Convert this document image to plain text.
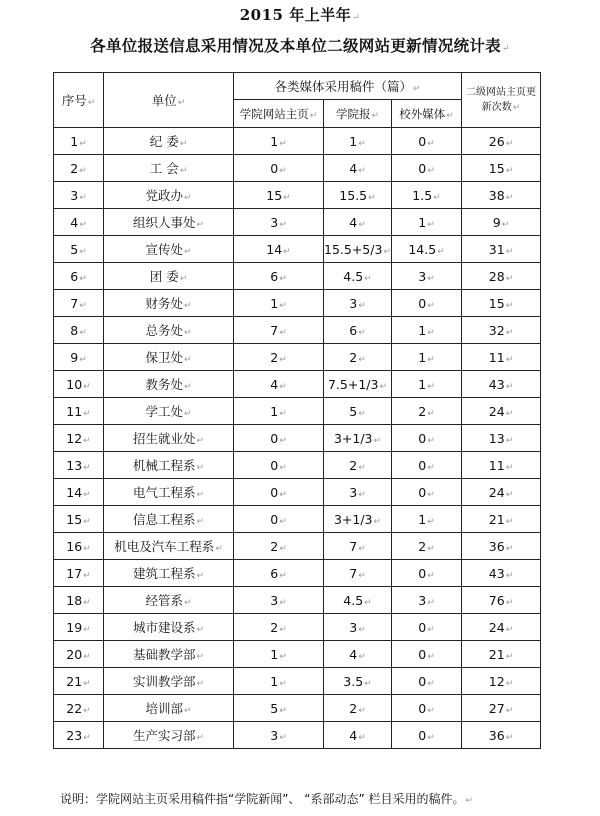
2015 年上半年↵
各单位报送信息采用情况及本单位二级网站更新情况统计表↵
序号↵	单位↵	各类媒体采用稿件（篇）↵			二级网站主页更新次数↵
		学院网站主页↵	学院报↵	校外媒体↵	
1↵	纪 委↵	1↵	1↵	0↵	26↵
2↵	工 会↵	0↵	4↵	0↵	15↵
3↵	党政办↵	15↵	15.5↵	1.5↵	38↵
4↵	组织人事处↵	3↵	4↵	1↵	9↵
5↵	宣传处↵	14↵	15.5+5/3↵	14.5↵	31↵
6↵	团 委↵	6↵	4.5↵	3↵	28↵
7↵	财务处↵	1↵	3↵	0↵	15↵
8↵	总务处↵	7↵	6↵	1↵	32↵
9↵	保卫处↵	2↵	2↵	1↵	11↵
10↵	教务处↵	4↵	7.5+1/3↵	1↵	43↵
11↵	学工处↵	1↵	5↵	2↵	24↵
12↵	招生就业处↵	0↵	3+1/3↵	0↵	13↵
13↵	机械工程系↵	0↵	2↵	0↵	11↵
14↵	电气工程系↵	0↵	3↵	0↵	24↵
15↵	信息工程系↵	0↵	3+1/3↵	1↵	21↵
16↵	机电及汽车工程系↵	2↵	7↵	2↵	36↵
17↵	建筑工程系↵	6↵	7↵	0↵	43↵
18↵	经管系↵	3↵	4.5↵	3↵	76↵
19↵	城市建设系↵	2↵	3↵	0↵	24↵
20↵	基础教学部↵	1↵	4↵	0↵	21↵
21↵	实训教学部↵	1↵	3.5↵	0↵	12↵
22↵	培训部↵	5↵	2↵	0↵	27↵
23↵	生产实习部↵	3↵	4↵	0↵	36↵
说明：学院网站主页采用稿件指“学院新闻”、 “系部动态” 栏目采用的稿件。↵
